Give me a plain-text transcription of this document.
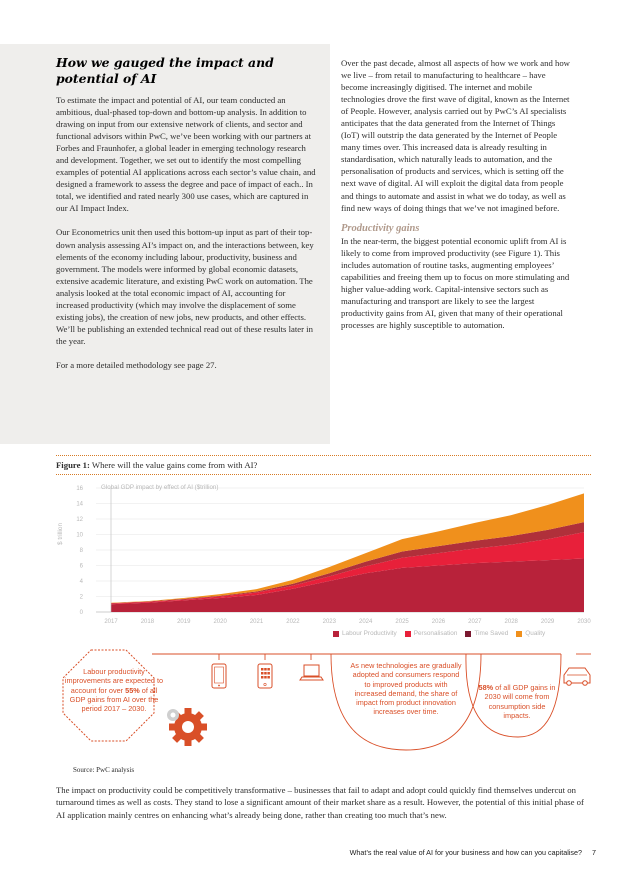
How we gauged the impact and potential of AI

To estimate the impact and potential of AI, our team conducted an ambitious, dual-phased top-down and bottom-up analysis. In addition to drawing on input from our extensive network of clients, and sector and functional advisors within PwC, we’ve been working with our partners at Forbes and Fraunhofer, a global leader in emerging technology research and development. Together, we set out to identify the most compelling examples of potential AI applications across each sector’s value chain, and designed a framework to assess the degree and pace of impact of each.. In total, we identified and rated nearly 300 use cases, which are captured in our AI Impact Index.

Our Econometrics unit then used this bottom-up input as part of their top-down analysis assessing AI’s impact on, and the interactions between, key elements of the economy including labour, productivity, business and government. The models were informed by global economic datasets, extensive academic literature, and existing PwC work on automation. The analysis looked at the total economic impact of AI, accounting for increased productivity (which may involve the displacement of some existing jobs), the creation of new jobs, new products, and other effects. We’ll be publishing an extended technical read out of these results later in the year.

For a more detailed methodology see page 27.

Over the past decade, almost all aspects of how we work and how we live – from retail to manufacturing to healthcare – have become increasingly digitised. The internet and mobile technologies drove the first wave of digital, known as the Internet of People. However, analysis carried out by PwC’s AI specialists anticipates that the data generated from the Internet of Things (IoT) will outstrip the data generated by the Internet of People many times over. This increased data is already resulting in standardisation, which naturally leads to automation, and the personalisation of products and services, which is setting off the next wave of digital. AI will exploit the digital data from people and things to automate and assist in what we do today, as well as find new ways of doing things that we’ve not imagined before.

Productivity gains

In the near-term, the biggest potential economic uplift from AI is likely to come from improved productivity (see Figure 1). This includes automation of routine tasks, augmenting employees’ capabilities and freeing them up to focus on more stimulating and higher value-adding work. Capital-intensive sectors such as manufacturing and transport are likely to see the largest productivity gains from AI, given that many of their operational processes are highly susceptible to automation.

Figure 1: Where will the value gains come from with AI?
0
2
4
6
8
10
12
14
16
2017	2018	2019	2020	2021	2022	2023	2024	2025	2026	2027	2028	2029	2030
Global GDP impact by effect of AI ($trillion)
$ trillion
Labour Productivity	Personalisation	Time Saved	Quality
Labour productivity improvements are expected to account for over 55% of all GDP gains from AI over the period 2017 – 2030.
As new technologies are gradually adopted and consumers respond to improved products with increased demand, the share of impact from product innovation increases over time.
58% of all GDP gains in 2030 will come from consumption side impacts.
Source: PwC analysis

The impact on productivity could be competitively transformative – businesses that fail to adapt and adopt could quickly find themselves undercut on turnaround times as well as costs. They stand to lose a significant amount of their market share as a result. However, the potential of this initial phase of AI application mainly centres on enhancing what’s already being done, rather than creating too much that’s new.

What’s the real value of AI for your business and how can you capitalise? 7
